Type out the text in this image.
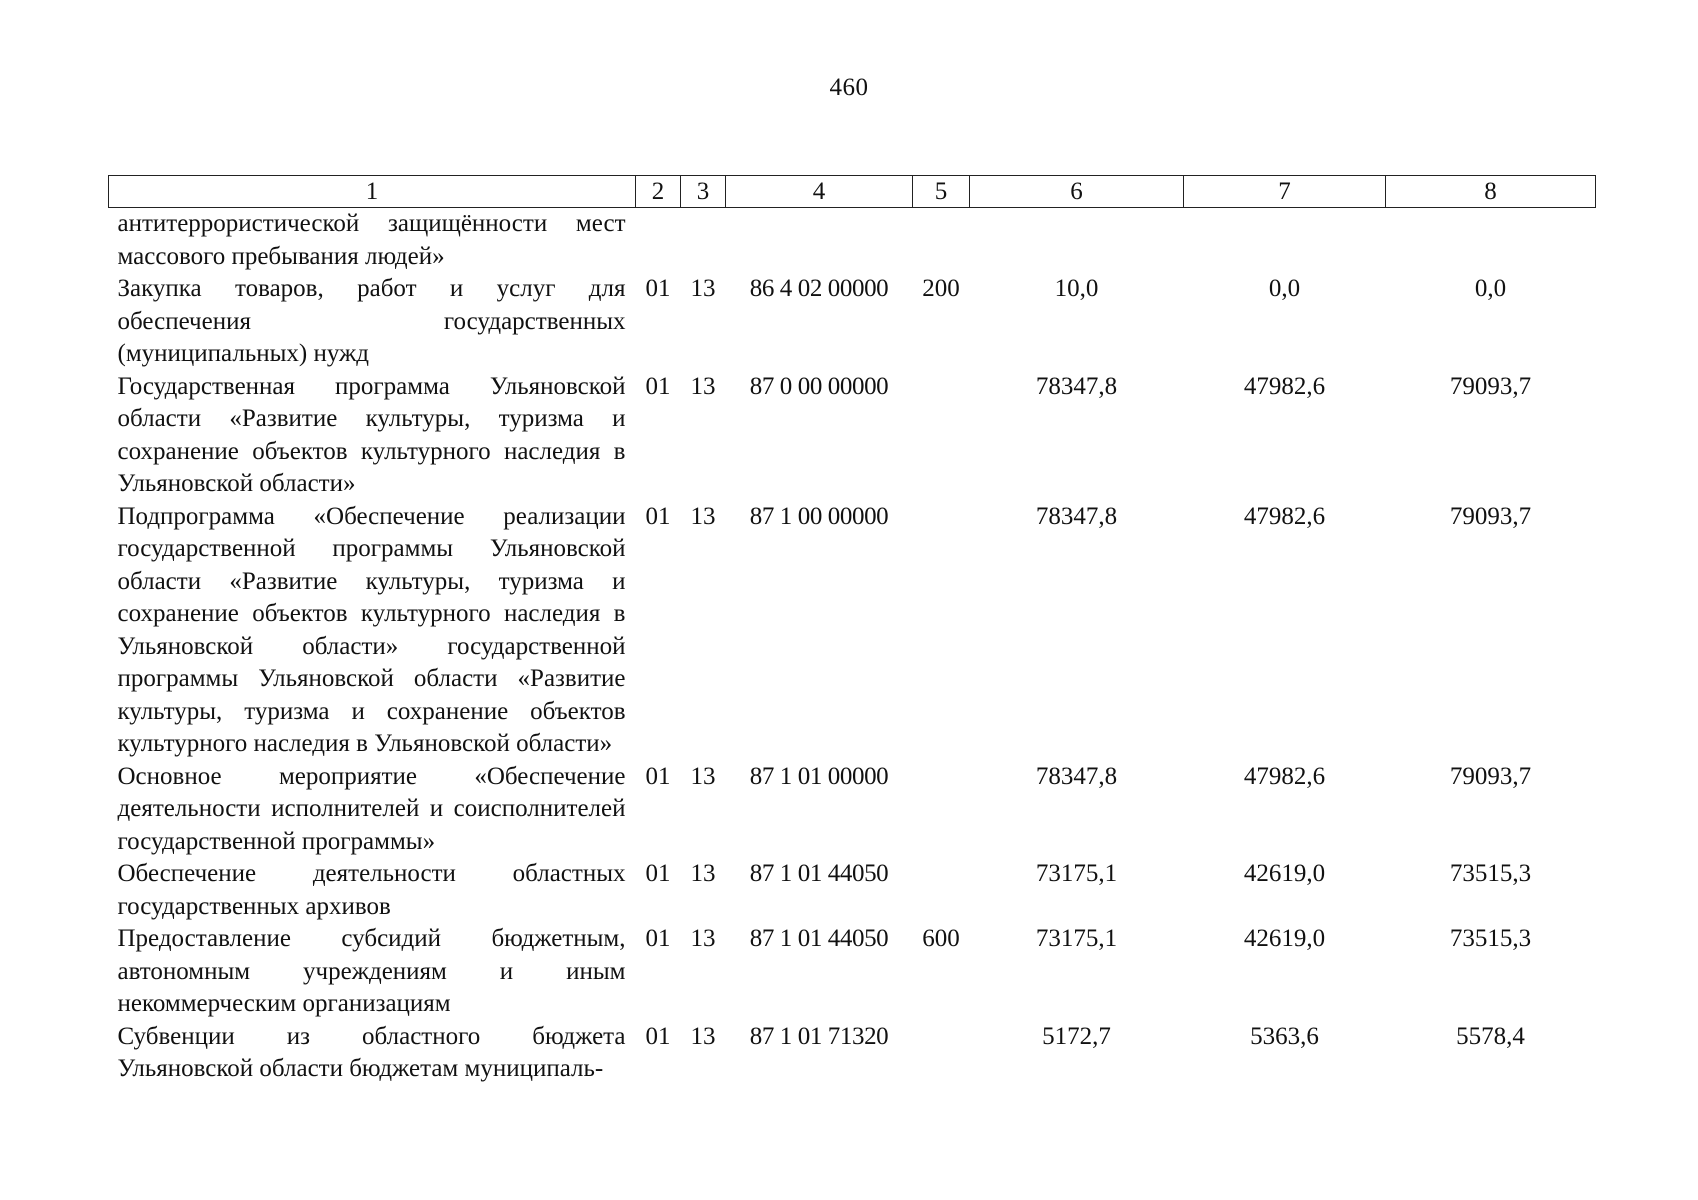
460
1	2	3	4	5	6	7	8
антитеррористической защищённости мест массового пребывания людей»							
Закупка товаров, работ и услуг для обеспечения государственных (муниципальных) нужд	01	13	86 4 02 00000	200	10,0	0,0	0,0
Государственная программа Ульяновской области «Развитие культуры, туризма и сохранение объектов культурного наследия в Ульяновской области»	01	13	87 0 00 00000		78347,8	47982,6	79093,7
Подпрограмма «Обеспечение реализации государственной программы Ульяновской области «Развитие культуры, туризма и сохранение объектов культурного наследия в Ульяновской области» государственной программы Ульяновской области «Развитие культуры, туризма и сохранение объектов культурного наследия в Ульяновской области»	01	13	87 1 00 00000		78347,8	47982,6	79093,7
Основное мероприятие «Обеспечение деятельности исполнителей и соисполнителей государственной программы»	01	13	87 1 01 00000		78347,8	47982,6	79093,7
Обеспечение деятельности областных государственных архивов	01	13	87 1 01 44050		73175,1	42619,0	73515,3
Предоставление субсидий бюджетным, автономным учреждениям и иным некоммерческим организациям	01	13	87 1 01 44050	600	73175,1	42619,0	73515,3
Субвенции из областного бюджета Ульяновской области бюджетам муниципаль-	01	13	87 1 01 71320		5172,7	5363,6	5578,4
